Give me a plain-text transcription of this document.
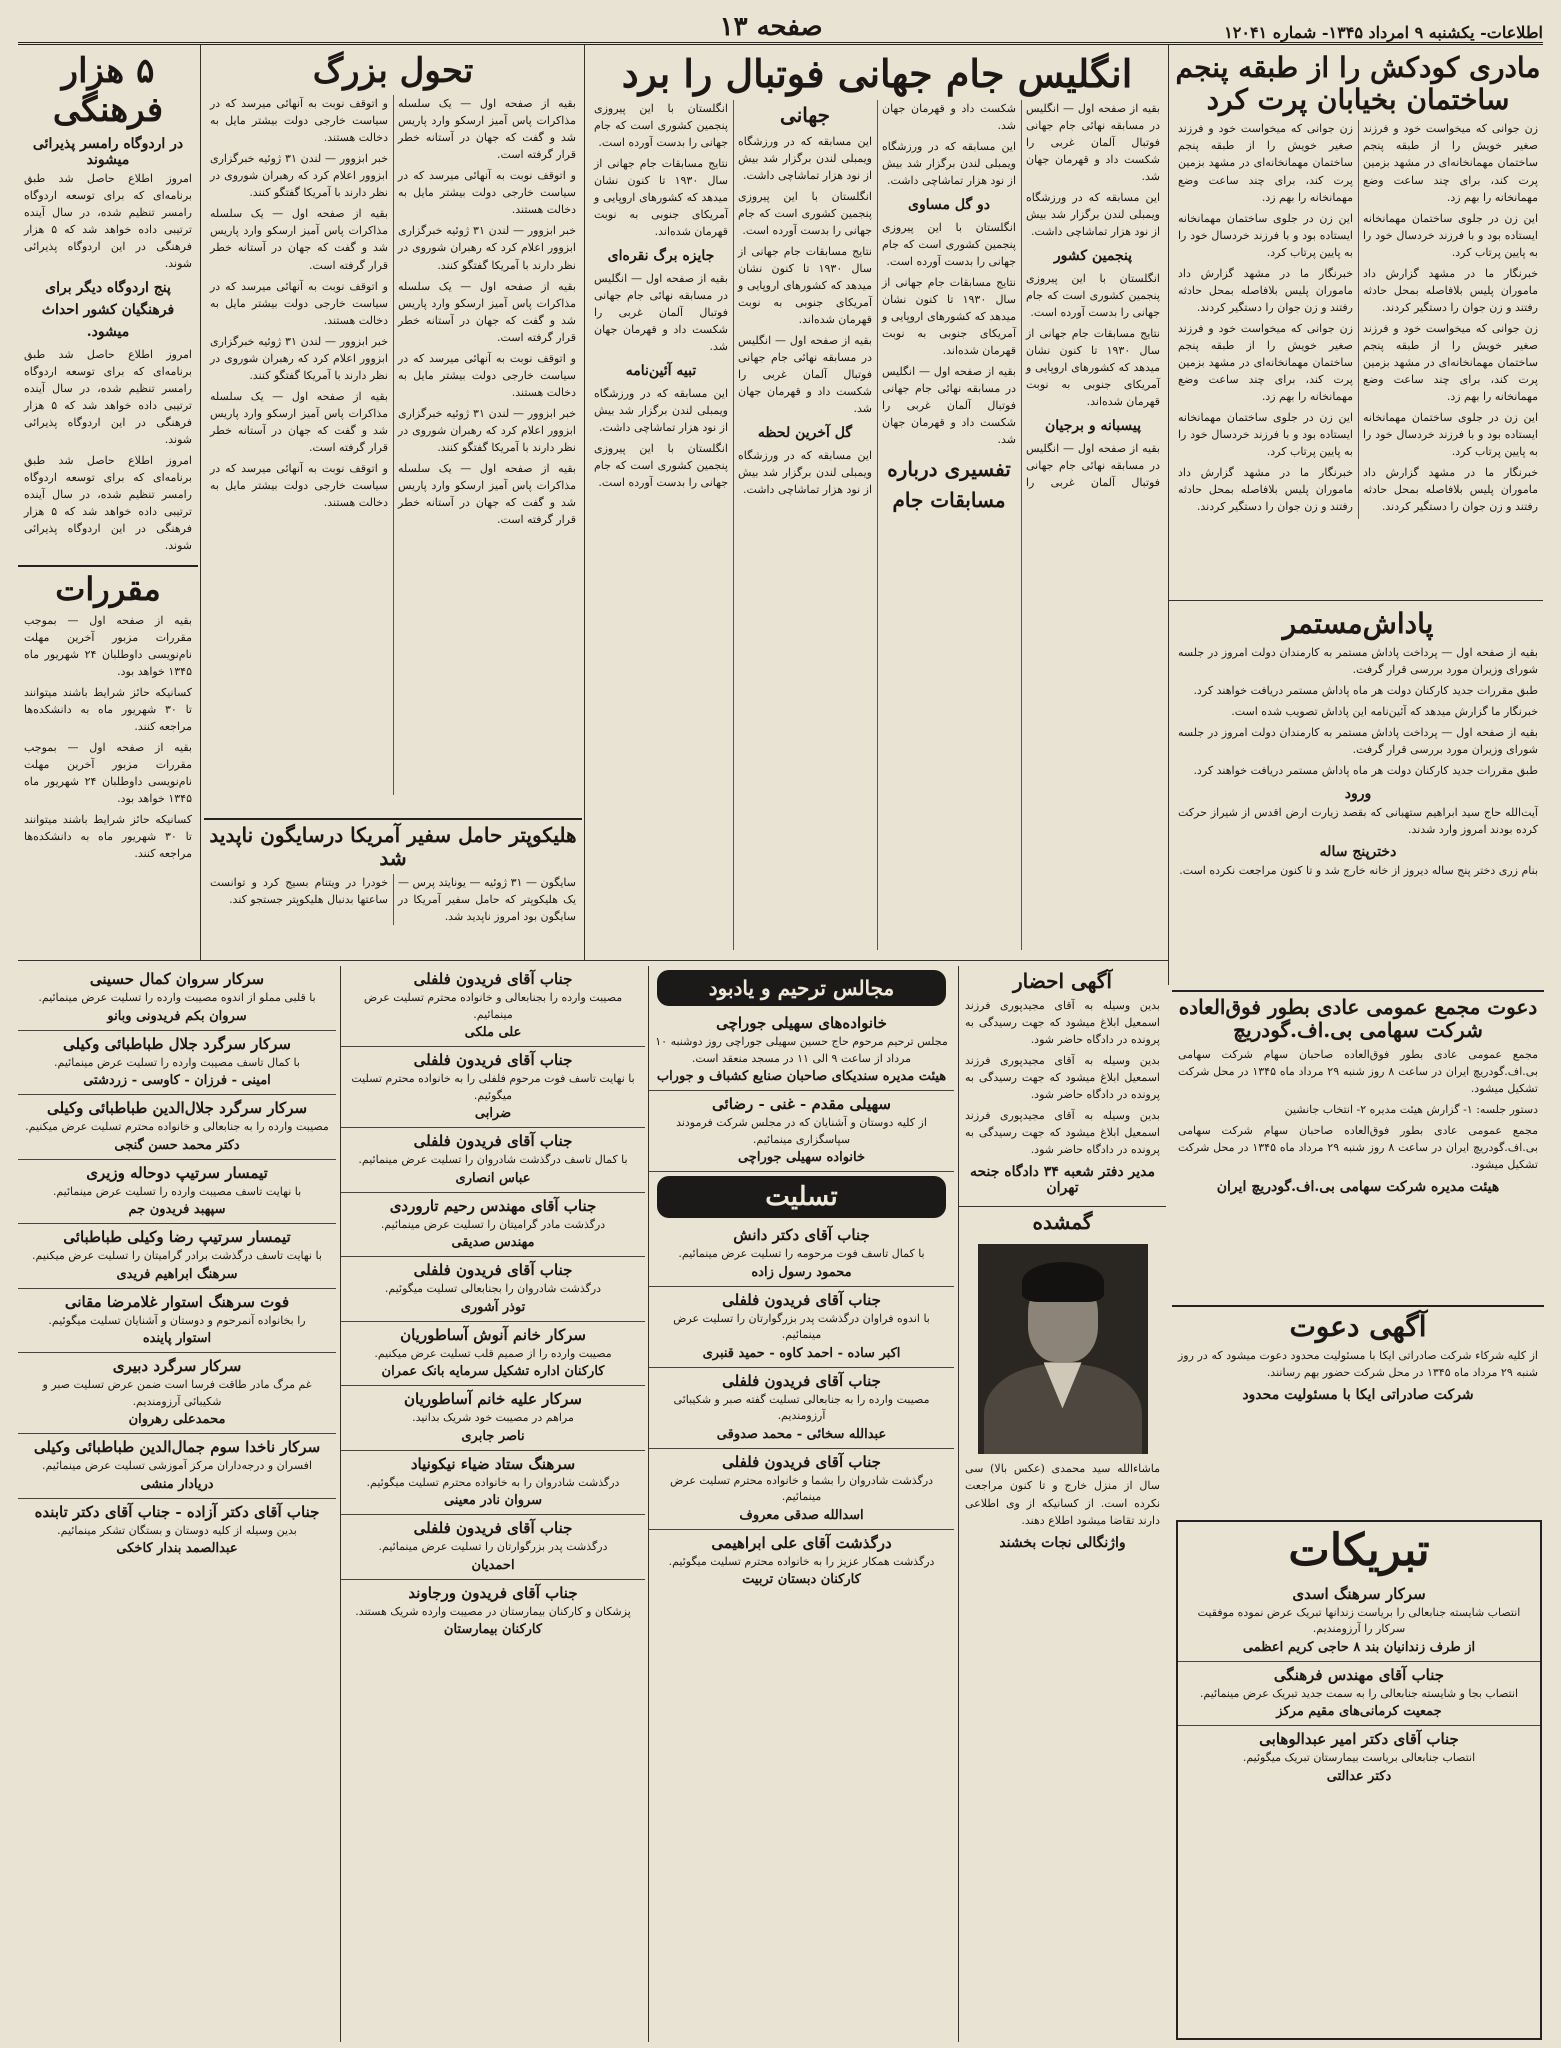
اطلاعات- یکشنبه ۹ امرداد ۱۳۴۵- شماره ۱۲۰۴۱
صفحه ۱۳
مادری کودکش را از طبقه پنجم ساختمان بخیابان پرت کرد

زن جوانی که میخواست خود و فرزند صغیر خویش را از طبقه پنجم ساختمان مهمانخانه‌ای در مشهد بزمین پرت کند، برای چند ساعت وضع مهمانخانه را بهم زد.

این زن در جلوی ساختمان مهمانخانه ایستاده بود و با فرزند خردسال خود را به پایین پرتاب کرد.

خبرنگار ما در مشهد گزارش داد ماموران پلیس بلافاصله بمحل حادثه رفتند و زن جوان را دستگیر کردند.

زن جوانی که میخواست خود و فرزند صغیر خویش را از طبقه پنجم ساختمان مهمانخانه‌ای در مشهد بزمین پرت کند، برای چند ساعت وضع مهمانخانه را بهم زد.

این زن در جلوی ساختمان مهمانخانه ایستاده بود و با فرزند خردسال خود را به پایین پرتاب کرد.

خبرنگار ما در مشهد گزارش داد ماموران پلیس بلافاصله بمحل حادثه رفتند و زن جوان را دستگیر کردند.

زن جوانی که میخواست خود و فرزند صغیر خویش را از طبقه پنجم ساختمان مهمانخانه‌ای در مشهد بزمین پرت کند، برای چند ساعت وضع مهمانخانه را بهم زد.

این زن در جلوی ساختمان مهمانخانه ایستاده بود و با فرزند خردسال خود را به پایین پرتاب کرد.

خبرنگار ما در مشهد گزارش داد ماموران پلیس بلافاصله بمحل حادثه رفتند و زن جوان را دستگیر کردند.

زن جوانی که میخواست خود و فرزند صغیر خویش را از طبقه پنجم ساختمان مهمانخانه‌ای در مشهد بزمین پرت کند، برای چند ساعت وضع مهمانخانه را بهم زد.

این زن در جلوی ساختمان مهمانخانه ایستاده بود و با فرزند خردسال خود را به پایین پرتاب کرد.

خبرنگار ما در مشهد گزارش داد ماموران پلیس بلافاصله بمحل حادثه رفتند و زن جوان را دستگیر کردند.

پاداش‌مستمر

بقیه از صفحه اول — پرداخت پاداش مستمر به کارمندان دولت امروز در جلسه شورای وزیران مورد بررسی قرار گرفت.

طبق مقررات جدید کارکنان دولت هر ماه پاداش مستمر دریافت خواهند کرد.

خبرنگار ما گزارش میدهد که آئین‌نامه این پاداش تصویب شده است.

بقیه از صفحه اول — پرداخت پاداش مستمر به کارمندان دولت امروز در جلسه شورای وزیران مورد بررسی قرار گرفت.

طبق مقررات جدید کارکنان دولت هر ماه پاداش مستمر دریافت خواهند کرد.

ورود

آیت‌الله حاج سید ابراهیم ستهبانی که بقصد زیارت ارض اقدس از شیراز حرکت کرده بودند امروز وارد شدند.

دخترپنج ساله

بنام زری دختر پنج ساله دیروز از خانه خارج شد و تا کنون مراجعت نکرده است.

دعوت مجمع عمومی عادی بطور فوق‌العاده شرکت سهامی بی.اف.گودریچ

مجمع عمومی عادی بطور فوق‌العاده صاحبان سهام شرکت سهامی بی.اف.گودریچ ایران در ساعت ۸ روز شنبه ۲۹ مرداد ماه ۱۳۴۵ در محل شرکت تشکیل میشود.

دستور جلسه: ۱- گزارش هیئت مدیره ۲- انتخاب جانشین

مجمع عمومی عادی بطور فوق‌العاده صاحبان سهام شرکت سهامی بی.اف.گودریچ ایران در ساعت ۸ روز شنبه ۲۹ مرداد ماه ۱۳۴۵ در محل شرکت تشکیل میشود.

هیئت مدیره شرکت سهامی بی.اف.گودریچ ایران
آگهی دعوت

از کلیه شرکاء شرکت صادراتی ایکا با مسئولیت محدود دعوت میشود که در روز شنبه ۲۹ مرداد ماه ۱۳۴۵ در محل شرکت حضور بهم رسانند.

شرکت صادراتی ایکا با مسئولیت محدود
تبریکات
سرکار سرهنگ اسدی
انتصاب شایسته جنابعالی را بریاست زندانها تبریک عرض نموده موفقیت سرکار را آرزومندیم.
از طرف زندانیان بند ۸ حاجی کریم اعظمی
جناب آقای مهندس فرهنگی
انتصاب بجا و شایسته جنابعالی را به سمت جدید تبریک عرض مینمائیم.
جمعیت کرمانی‌های مقیم مرکز
جناب آقای دکتر امیر عبدالوهابی
انتصاب جنابعالی بریاست بیمارستان تبریک میگوئیم.
دکتر عدالتی
انگلیس جام جهانی فوتبال را برد

بقیه از صفحه اول — انگلیس در مسابقه نهائی جام جهانی فوتبال آلمان غربی را شکست داد و قهرمان جهان شد.

این مسابقه که در ورزشگاه ویمبلی لندن برگزار شد بیش از نود هزار تماشاچی داشت.

پنجمین کشور

انگلستان با این پیروزی پنجمین کشوری است که جام جهانی را بدست آورده است.

نتایج مسابقات جام جهانی از سال ۱۹۳۰ تا کنون نشان میدهد که کشورهای اروپایی و آمریکای جنوبی به نوبت قهرمان شده‌اند.

پیسبانه و برجیان

بقیه از صفحه اول — انگلیس در مسابقه نهائی جام جهانی فوتبال آلمان غربی را شکست داد و قهرمان جهان شد.

این مسابقه که در ورزشگاه ویمبلی لندن برگزار شد بیش از نود هزار تماشاچی داشت.

دو گل مساوی

انگلستان با این پیروزی پنجمین کشوری است که جام جهانی را بدست آورده است.

نتایج مسابقات جام جهانی از سال ۱۹۳۰ تا کنون نشان میدهد که کشورهای اروپایی و آمریکای جنوبی به نوبت قهرمان شده‌اند.

بقیه از صفحه اول — انگلیس در مسابقه نهائی جام جهانی فوتبال آلمان غربی را شکست داد و قهرمان جهان شد.

تفسیری درباره مسابقات جام جهانی

این مسابقه که در ورزشگاه ویمبلی لندن برگزار شد بیش از نود هزار تماشاچی داشت.

انگلستان با این پیروزی پنجمین کشوری است که جام جهانی را بدست آورده است.

نتایج مسابقات جام جهانی از سال ۱۹۳۰ تا کنون نشان میدهد که کشورهای اروپایی و آمریکای جنوبی به نوبت قهرمان شده‌اند.

بقیه از صفحه اول — انگلیس در مسابقه نهائی جام جهانی فوتبال آلمان غربی را شکست داد و قهرمان جهان شد.

گل آخرین لحظه

این مسابقه که در ورزشگاه ویمبلی لندن برگزار شد بیش از نود هزار تماشاچی داشت.

انگلستان با این پیروزی پنجمین کشوری است که جام جهانی را بدست آورده است.

نتایج مسابقات جام جهانی از سال ۱۹۳۰ تا کنون نشان میدهد که کشورهای اروپایی و آمریکای جنوبی به نوبت قهرمان شده‌اند.

جایزه برگ نقره‌ای

بقیه از صفحه اول — انگلیس در مسابقه نهائی جام جهانی فوتبال آلمان غربی را شکست داد و قهرمان جهان شد.

تبیه آئین‌نامه

این مسابقه که در ورزشگاه ویمبلی لندن برگزار شد بیش از نود هزار تماشاچی داشت.

انگلستان با این پیروزی پنجمین کشوری است که جام جهانی را بدست آورده است.

تحول بزرگ

بقیه از صفحه اول — یک سلسله مذاکرات پاس آمیز ارسکو وارد پاریس شد و گفت که جهان در آستانه خطر قرار گرفته است.

و اتوقف نوبت به آنهائی میرسد که در سیاست خارجی دولت بیشتر مایل به دخالت هستند.

خبر ابزوور — لندن ۳۱ ژوئیه خبرگزاری ابزوور اعلام کرد که رهبران شوروی در نظر دارند با آمریکا گفتگو کنند.

بقیه از صفحه اول — یک سلسله مذاکرات پاس آمیز ارسکو وارد پاریس شد و گفت که جهان در آستانه خطر قرار گرفته است.

و اتوقف نوبت به آنهائی میرسد که در سیاست خارجی دولت بیشتر مایل به دخالت هستند.

خبر ابزوور — لندن ۳۱ ژوئیه خبرگزاری ابزوور اعلام کرد که رهبران شوروی در نظر دارند با آمریکا گفتگو کنند.

بقیه از صفحه اول — یک سلسله مذاکرات پاس آمیز ارسکو وارد پاریس شد و گفت که جهان در آستانه خطر قرار گرفته است.

و اتوقف نوبت به آنهائی میرسد که در سیاست خارجی دولت بیشتر مایل به دخالت هستند.

خبر ابزوور — لندن ۳۱ ژوئیه خبرگزاری ابزوور اعلام کرد که رهبران شوروی در نظر دارند با آمریکا گفتگو کنند.

بقیه از صفحه اول — یک سلسله مذاکرات پاس آمیز ارسکو وارد پاریس شد و گفت که جهان در آستانه خطر قرار گرفته است.

و اتوقف نوبت به آنهائی میرسد که در سیاست خارجی دولت بیشتر مایل به دخالت هستند.

خبر ابزوور — لندن ۳۱ ژوئیه خبرگزاری ابزوور اعلام کرد که رهبران شوروی در نظر دارند با آمریکا گفتگو کنند.

بقیه از صفحه اول — یک سلسله مذاکرات پاس آمیز ارسکو وارد پاریس شد و گفت که جهان در آستانه خطر قرار گرفته است.

و اتوقف نوبت به آنهائی میرسد که در سیاست خارجی دولت بیشتر مایل به دخالت هستند.

هلیکوپتر حامل سفیر آمریکا درسایگون ناپدید شد

سایگون — ۳۱ ژوئیه — یونایتد پرس — یک هلیکوپتر که حامل سفیر آمریکا در سایگون بود امروز ناپدید شد.

خودرا در ویتنام بسیج کرد و توانست ساعتها بدنبال هلیکوپتر جستجو کند.

۵ هزار فرهنگی
در اردوگاه رامسر پذیرائی میشوند

امروز اطلاع حاصل شد طبق برنامه‌ای که برای توسعه اردوگاه رامسر تنظیم شده، در سال آینده ترتیبی داده خواهد شد که ۵ هزار فرهنگی در این اردوگاه پذیرائی شوند.

پنج اردوگاه دیگر برای فرهنگیان کشور احداث میشود.

امروز اطلاع حاصل شد طبق برنامه‌ای که برای توسعه اردوگاه رامسر تنظیم شده، در سال آینده ترتیبی داده خواهد شد که ۵ هزار فرهنگی در این اردوگاه پذیرائی شوند.

امروز اطلاع حاصل شد طبق برنامه‌ای که برای توسعه اردوگاه رامسر تنظیم شده، در سال آینده ترتیبی داده خواهد شد که ۵ هزار فرهنگی در این اردوگاه پذیرائی شوند.

مقررات

بقیه از صفحه اول — بموجب مقررات مزبور آخرین مهلت نام‌نویسی داوطلبان ۲۴ شهریور ماه ۱۳۴۵ خواهد بود.

کسانیکه حائز شرایط باشند میتوانند تا ۳۰ شهریور ماه به دانشکده‌ها مراجعه کنند.

بقیه از صفحه اول — بموجب مقررات مزبور آخرین مهلت نام‌نویسی داوطلبان ۲۴ شهریور ماه ۱۳۴۵ خواهد بود.

کسانیکه حائز شرایط باشند میتوانند تا ۳۰ شهریور ماه به دانشکده‌ها مراجعه کنند.

آگهی احضار

بدین وسیله به آقای مجیدپوری فرزند اسمعیل ابلاغ میشود که جهت رسیدگی به پرونده در دادگاه حاضر شود.

بدین وسیله به آقای مجیدپوری فرزند اسمعیل ابلاغ میشود که جهت رسیدگی به پرونده در دادگاه حاضر شود.

بدین وسیله به آقای مجیدپوری فرزند اسمعیل ابلاغ میشود که جهت رسیدگی به پرونده در دادگاه حاضر شود.

مدیر دفتر شعبه ۳۴ دادگاه جنحه تهران
گمشده

ماشاءالله سید محمدی (عکس بالا) سی سال از منزل خارج و تا کنون مراجعت نکرده است. از کسانیکه از وی اطلاعی دارند تقاضا میشود اطلاع دهند.

واژنگالی نجات بخشند
مجالس ترحیم و یادبود
خانواده‌های سهیلی جوراچی
مجلس ترحیم مرحوم حاج حسین سهیلی جوراچی روز دوشنبه ۱۰ مرداد از ساعت ۹ الی ۱۱ در مسجد منعقد است.
هیئت مدیره سندیکای صاحبان صنایع کشباف و جوراب
سهیلی مقدم - غنی - رضائی
از کلیه دوستان و آشنایان که در مجلس شرکت فرمودند سپاسگزاری مینمائیم.
خانواده سهیلی جوراچی
تسلیت
جناب آقای دکتر دانش
با کمال تاسف فوت مرحومه را تسلیت عرض مینمائیم.
محمود رسول زاده
جناب آقای فریدون فلفلی
با اندوه فراوان درگذشت پدر بزرگوارتان را تسلیت عرض مینمائیم.
اکبر ساده - احمد کاوه - حمید قنبری
جناب آقای فریدون فلفلی
مصیبت وارده را به جنابعالی تسلیت گفته صبر و شکیبائی آرزومندیم.
عبدالله سخائی - محمد صدوقی
جناب آقای فریدون فلفلی
درگذشت شادروان را بشما و خانواده محترم تسلیت عرض مینمائیم.
اسدالله صدقی معروف
درگذشت آقای علی ابراهیمی
درگذشت همکار عزیز را به خانواده محترم تسلیت میگوئیم.
کارکنان دبستان تربیت
جناب آقای فریدون فلفلی
مصیبت وارده را بجنابعالی و خانواده محترم تسلیت عرض مینمائیم.
علی ملکی
جناب آقای فریدون فلفلی
با نهایت تاسف فوت مرحوم فلفلی را به خانواده محترم تسلیت میگوئیم.
ضرابی
جناب آقای فریدون فلفلی
با کمال تاسف درگذشت شادروان را تسلیت عرض مینمائیم.
عباس انصاری
جناب آقای مهندس رحیم تاروردی
درگذشت مادر گرامیتان را تسلیت عرض مینمائیم.
مهندس صدیقی
جناب آقای فریدون فلفلی
درگذشت شادروان را بجنابعالی تسلیت میگوئیم.
توذر آشوری
سرکار خانم آنوش آساطوریان
مصیبت وارده را از صمیم قلب تسلیت عرض میکنیم.
کارکنان اداره تشکیل سرمایه بانک عمران
سرکار علیه خانم آساطوریان
مراهم در مصیبت خود شریک بدانید.
ناصر جابری
سرهنگ ستاد ضیاء نیکونیاد
درگذشت شادروان را به خانواده محترم تسلیت میگوئیم.
سروان نادر معینی
جناب آقای فریدون فلفلی
درگذشت پدر بزرگوارتان را تسلیت عرض مینمائیم.
احمدیان
جناب آقای فریدون ورجاوند
پزشکان و کارکنان بیمارستان در مصیبت وارده شریک هستند.
کارکنان بیمارستان
سرکار سروان کمال حسینی
با قلبی مملو از اندوه مصیبت وارده را تسلیت عرض مینمائیم.
سروان بکم فریدونی وبانو
سرکار سرگرد جلال طباطبائی وکیلی
با کمال تاسف مصیبت وارده را تسلیت عرض مینمائیم.
امینی - فرزان - کاوسی - زردشتی
سرکار سرگرد جلال‌الدین طباطبائی وکیلی
مصیبت وارده را به جنابعالی و خانواده محترم تسلیت عرض میکنیم.
دکتر محمد حسن گنجی
تیمسار سرتیپ دوحاله وزیری
با نهایت تاسف مصیبت وارده را تسلیت عرض مینمائیم.
سپهبد فریدون جم
تیمسار سرتیپ رضا وکیلی طباطبائی
با نهایت تاسف درگذشت برادر گرامیتان را تسلیت عرض میکنیم.
سرهنگ ابراهیم فریدی
فوت سرهنگ استوار غلامرضا مقانی
را بخانواده آنمرحوم و دوستان و آشنایان تسلیت میگوئیم.
استوار پاینده
سرکار سرگرد دبیری
غم مرگ مادر طاقت فرسا است ضمن عرض تسلیت صبر و شکیبائی آرزومندیم.
محمدعلی رهروان
سرکار ناخدا سوم جمال‌الدین طباطبائی وکیلی
افسران و درجه‌داران مرکز آموزشی تسلیت عرض مینمائیم.
دریادار منشی
جناب آقای دکتر آزاده - جناب آقای دکتر تابنده
بدین وسیله از کلیه دوستان و بستگان تشکر مینمائیم.
عبدالصمد بندار کاخکی
